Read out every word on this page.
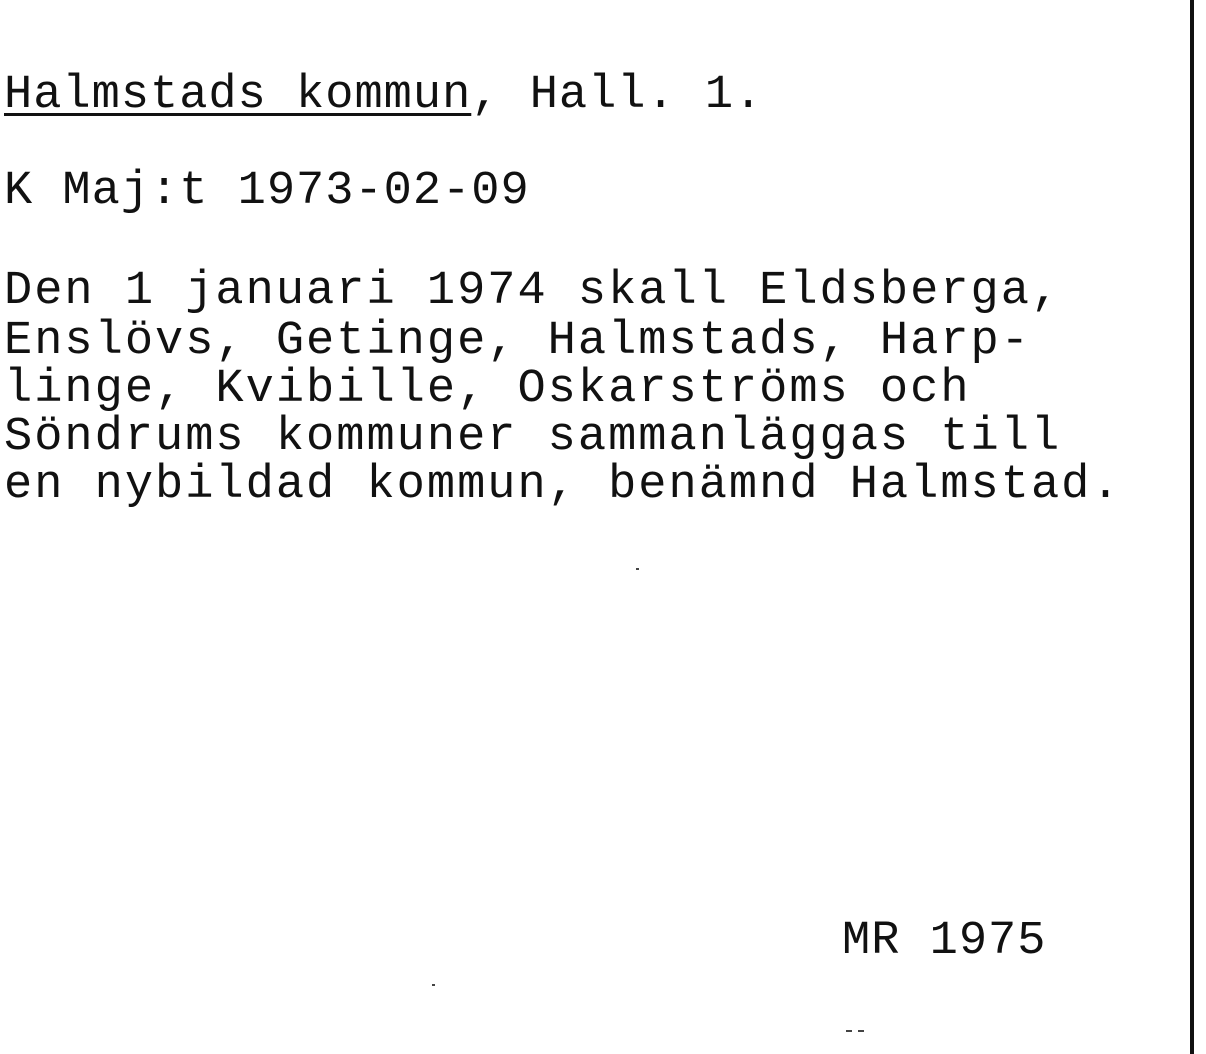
Halmstads kommun, Hall. 1.
K Maj:t 1973-02-09
Den 1 januari 1974 skall Eldsberga,
Enslövs, Getinge, Halmstads, Harp-
linge, Kvibille, Oskarströms och
Söndrums kommuner sammanläggas till
en nybildad kommun, benämnd Halmstad.
MR 1975
